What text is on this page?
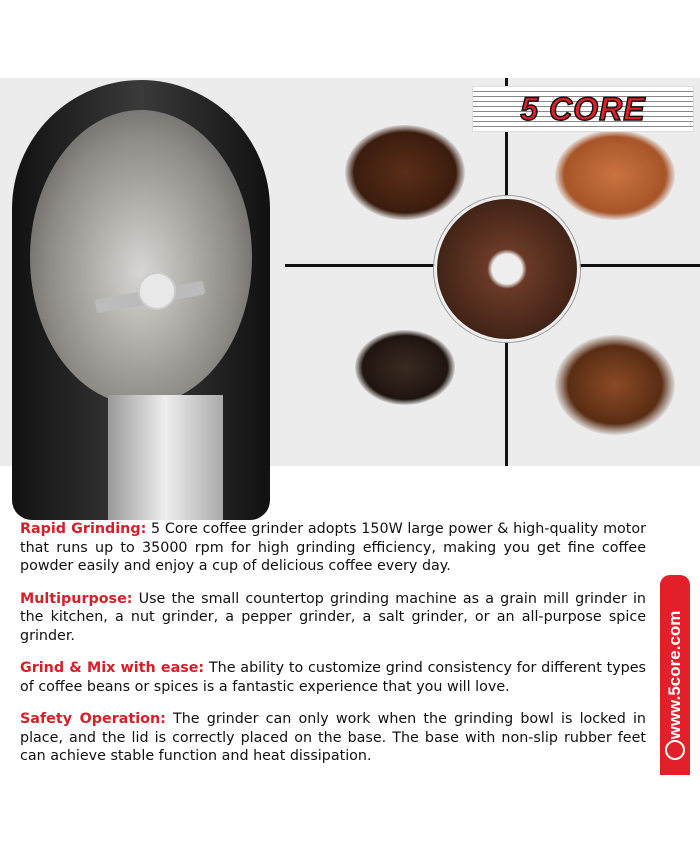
5 CORE

Rapid Grinding: 5 Core coffee grinder adopts 150W large power & high-quality motor that runs up to 35000 rpm for high grinding efficiency, making you get fine coffee powder easily and enjoy a cup of delicious coffee every day.

Multipurpose: Use the small countertop grinding machine as a grain mill grinder in the kitchen, a nut grinder, a pepper grinder, a salt grinder, or an all-purpose spice grinder.

Grind & Mix with ease: The ability to customize grind consistency for different types of coffee beans or spices is a fantastic experience that you will love.

Safety Operation: The grinder can only work when the grinding bowl is locked in place, and the lid is correctly placed on the base. The base with non-slip rubber feet can achieve stable function and heat dissipation.

www.5core.com
